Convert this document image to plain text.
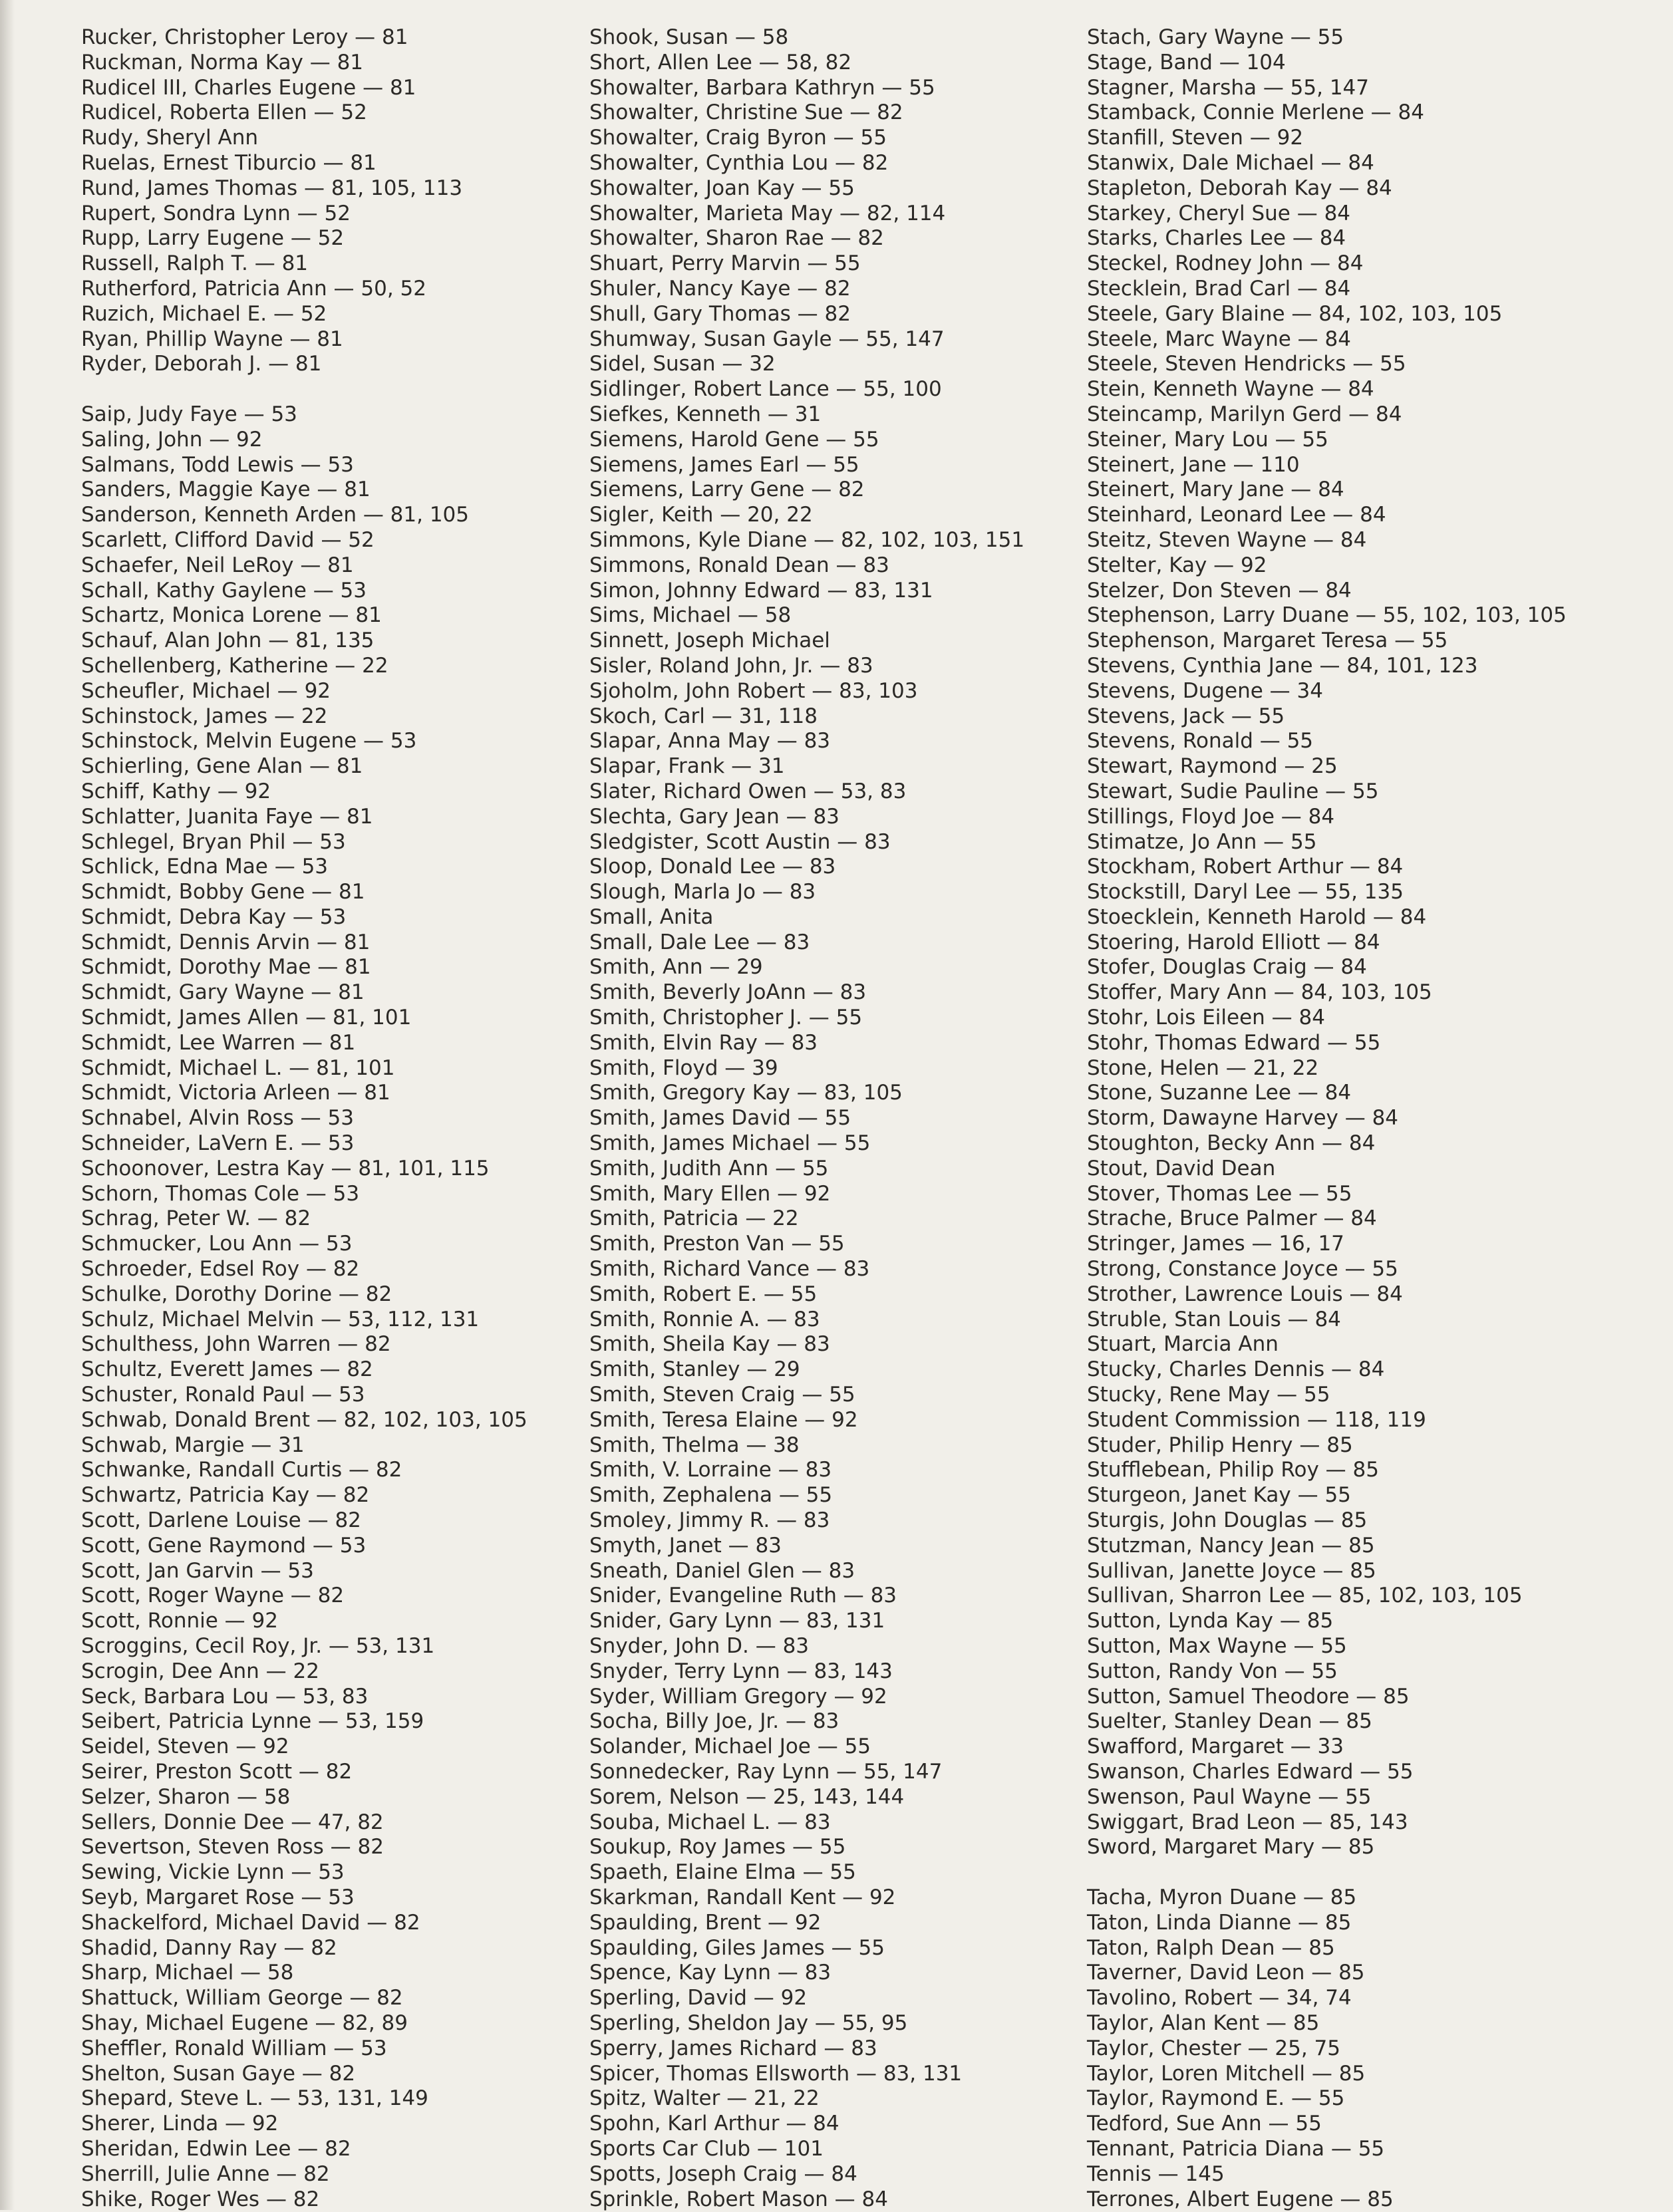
Rucker, Christopher Leroy — 81
Ruckman, Norma Kay — 81
Rudicel III, Charles Eugene — 81
Rudicel, Roberta Ellen — 52
Rudy, Sheryl Ann
Ruelas, Ernest Tiburcio — 81
Rund, James Thomas — 81, 105, 113
Rupert, Sondra Lynn — 52
Rupp, Larry Eugene — 52
Russell, Ralph T. — 81
Rutherford, Patricia Ann — 50, 52
Ruzich, Michael E. — 52
Ryan, Phillip Wayne — 81
Ryder, Deborah J. — 81
Saip, Judy Faye — 53
Saling, John — 92
Salmans, Todd Lewis — 53
Sanders, Maggie Kaye — 81
Sanderson, Kenneth Arden — 81, 105
Scarlett, Clifford David — 52
Schaefer, Neil LeRoy — 81
Schall, Kathy Gaylene — 53
Schartz, Monica Lorene — 81
Schauf, Alan John — 81, 135
Schellenberg, Katherine — 22
Scheufler, Michael — 92
Schinstock, James — 22
Schinstock, Melvin Eugene — 53
Schierling, Gene Alan — 81
Schiff, Kathy — 92
Schlatter, Juanita Faye — 81
Schlegel, Bryan Phil — 53
Schlick, Edna Mae — 53
Schmidt, Bobby Gene — 81
Schmidt, Debra Kay — 53
Schmidt, Dennis Arvin — 81
Schmidt, Dorothy Mae — 81
Schmidt, Gary Wayne — 81
Schmidt, James Allen — 81, 101
Schmidt, Lee Warren — 81
Schmidt, Michael L. — 81, 101
Schmidt, Victoria Arleen — 81
Schnabel, Alvin Ross — 53
Schneider, LaVern E. — 53
Schoonover, Lestra Kay — 81, 101, 115
Schorn, Thomas Cole — 53
Schrag, Peter W. — 82
Schmucker, Lou Ann — 53
Schroeder, Edsel Roy — 82
Schulke, Dorothy Dorine — 82
Schulz, Michael Melvin — 53, 112, 131
Schulthess, John Warren — 82
Schultz, Everett James — 82
Schuster, Ronald Paul — 53
Schwab, Donald Brent — 82, 102, 103, 105
Schwab, Margie — 31
Schwanke, Randall Curtis — 82
Schwartz, Patricia Kay — 82
Scott, Darlene Louise — 82
Scott, Gene Raymond — 53
Scott, Jan Garvin — 53
Scott, Roger Wayne — 82
Scott, Ronnie — 92
Scroggins, Cecil Roy, Jr. — 53, 131
Scrogin, Dee Ann — 22
Seck, Barbara Lou — 53, 83
Seibert, Patricia Lynne — 53, 159
Seidel, Steven — 92
Seirer, Preston Scott — 82
Selzer, Sharon — 58
Sellers, Donnie Dee — 47, 82
Severtson, Steven Ross — 82
Sewing, Vickie Lynn — 53
Seyb, Margaret Rose — 53
Shackelford, Michael David — 82
Shadid, Danny Ray — 82
Sharp, Michael — 58
Shattuck, William George — 82
Shay, Michael Eugene — 82, 89
Sheffler, Ronald William — 53
Shelton, Susan Gaye — 82
Shepard, Steve L. — 53, 131, 149
Sherer, Linda — 92
Sheridan, Edwin Lee — 82
Sherrill, Julie Anne — 82
Shike, Roger Wes — 82
Shook, Susan — 58
Short, Allen Lee — 58, 82
Showalter, Barbara Kathryn — 55
Showalter, Christine Sue — 82
Showalter, Craig Byron — 55
Showalter, Cynthia Lou — 82
Showalter, Joan Kay — 55
Showalter, Marieta May — 82, 114
Showalter, Sharon Rae — 82
Shuart, Perry Marvin — 55
Shuler, Nancy Kaye — 82
Shull, Gary Thomas — 82
Shumway, Susan Gayle — 55, 147
Sidel, Susan — 32
Sidlinger, Robert Lance — 55, 100
Siefkes, Kenneth — 31
Siemens, Harold Gene — 55
Siemens, James Earl — 55
Siemens, Larry Gene — 82
Sigler, Keith — 20, 22
Simmons, Kyle Diane — 82, 102, 103, 151
Simmons, Ronald Dean — 83
Simon, Johnny Edward — 83, 131
Sims, Michael — 58
Sinnett, Joseph Michael
Sisler, Roland John, Jr. — 83
Sjoholm, John Robert — 83, 103
Skoch, Carl — 31, 118
Slapar, Anna May — 83
Slapar, Frank — 31
Slater, Richard Owen — 53, 83
Slechta, Gary Jean — 83
Sledgister, Scott Austin — 83
Sloop, Donald Lee — 83
Slough, Marla Jo — 83
Small, Anita
Small, Dale Lee — 83
Smith, Ann — 29
Smith, Beverly JoAnn — 83
Smith, Christopher J. — 55
Smith, Elvin Ray — 83
Smith, Floyd — 39
Smith, Gregory Kay — 83, 105
Smith, James David — 55
Smith, James Michael — 55
Smith, Judith Ann — 55
Smith, Mary Ellen — 92
Smith, Patricia — 22
Smith, Preston Van — 55
Smith, Richard Vance — 83
Smith, Robert E. — 55
Smith, Ronnie A. — 83
Smith, Sheila Kay — 83
Smith, Stanley — 29
Smith, Steven Craig — 55
Smith, Teresa Elaine — 92
Smith, Thelma — 38
Smith, V. Lorraine — 83
Smith, Zephalena — 55
Smoley, Jimmy R. — 83
Smyth, Janet — 83
Sneath, Daniel Glen — 83
Snider, Evangeline Ruth — 83
Snider, Gary Lynn — 83, 131
Snyder, John D. — 83
Snyder, Terry Lynn — 83, 143
Syder, William Gregory — 92
Socha, Billy Joe, Jr. — 83
Solander, Michael Joe — 55
Sonnedecker, Ray Lynn — 55, 147
Sorem, Nelson — 25, 143, 144
Souba, Michael L. — 83
Soukup, Roy James — 55
Spaeth, Elaine Elma — 55
Skarkman, Randall Kent — 92
Spaulding, Brent — 92
Spaulding, Giles James — 55
Spence, Kay Lynn — 83
Sperling, David — 92
Sperling, Sheldon Jay — 55, 95
Sperry, James Richard — 83
Spicer, Thomas Ellsworth — 83, 131
Spitz, Walter — 21, 22
Spohn, Karl Arthur — 84
Sports Car Club — 101
Spotts, Joseph Craig — 84
Sprinkle, Robert Mason — 84
Stach, Gary Wayne — 55
Stage, Band — 104
Stagner, Marsha — 55, 147
Stamback, Connie Merlene — 84
Stanfill, Steven — 92
Stanwix, Dale Michael — 84
Stapleton, Deborah Kay — 84
Starkey, Cheryl Sue — 84
Starks, Charles Lee — 84
Steckel, Rodney John — 84
Stecklein, Brad Carl — 84
Steele, Gary Blaine — 84, 102, 103, 105
Steele, Marc Wayne — 84
Steele, Steven Hendricks — 55
Stein, Kenneth Wayne — 84
Steincamp, Marilyn Gerd — 84
Steiner, Mary Lou — 55
Steinert, Jane — 110
Steinert, Mary Jane — 84
Steinhard, Leonard Lee — 84
Steitz, Steven Wayne — 84
Stelter, Kay — 92
Stelzer, Don Steven — 84
Stephenson, Larry Duane — 55, 102, 103, 105
Stephenson, Margaret Teresa — 55
Stevens, Cynthia Jane — 84, 101, 123
Stevens, Dugene — 34
Stevens, Jack — 55
Stevens, Ronald — 55
Stewart, Raymond — 25
Stewart, Sudie Pauline — 55
Stillings, Floyd Joe — 84
Stimatze, Jo Ann — 55
Stockham, Robert Arthur — 84
Stockstill, Daryl Lee — 55, 135
Stoecklein, Kenneth Harold — 84
Stoering, Harold Elliott — 84
Stofer, Douglas Craig — 84
Stoffer, Mary Ann — 84, 103, 105
Stohr, Lois Eileen — 84
Stohr, Thomas Edward — 55
Stone, Helen — 21, 22
Stone, Suzanne Lee — 84
Storm, Dawayne Harvey — 84
Stoughton, Becky Ann — 84
Stout, David Dean
Stover, Thomas Lee — 55
Strache, Bruce Palmer — 84
Stringer, James — 16, 17
Strong, Constance Joyce — 55
Strother, Lawrence Louis — 84
Struble, Stan Louis — 84
Stuart, Marcia Ann
Stucky, Charles Dennis — 84
Stucky, Rene May — 55
Student Commission — 118, 119
Studer, Philip Henry — 85
Stufflebean, Philip Roy — 85
Sturgeon, Janet Kay — 55
Sturgis, John Douglas — 85
Stutzman, Nancy Jean — 85
Sullivan, Janette Joyce — 85
Sullivan, Sharron Lee — 85, 102, 103, 105
Sutton, Lynda Kay — 85
Sutton, Max Wayne — 55
Sutton, Randy Von — 55
Sutton, Samuel Theodore — 85
Suelter, Stanley Dean — 85
Swafford, Margaret — 33
Swanson, Charles Edward — 55
Swenson, Paul Wayne — 55
Swiggart, Brad Leon — 85, 143
Sword, Margaret Mary — 85
Tacha, Myron Duane — 85
Taton, Linda Dianne — 85
Taton, Ralph Dean — 85
Taverner, David Leon — 85
Tavolino, Robert — 34, 74
Taylor, Alan Kent — 85
Taylor, Chester — 25, 75
Taylor, Loren Mitchell — 85
Taylor, Raymond E. — 55
Tedford, Sue Ann — 55
Tennant, Patricia Diana — 55
Tennis — 145
Terrones, Albert Eugene — 85
